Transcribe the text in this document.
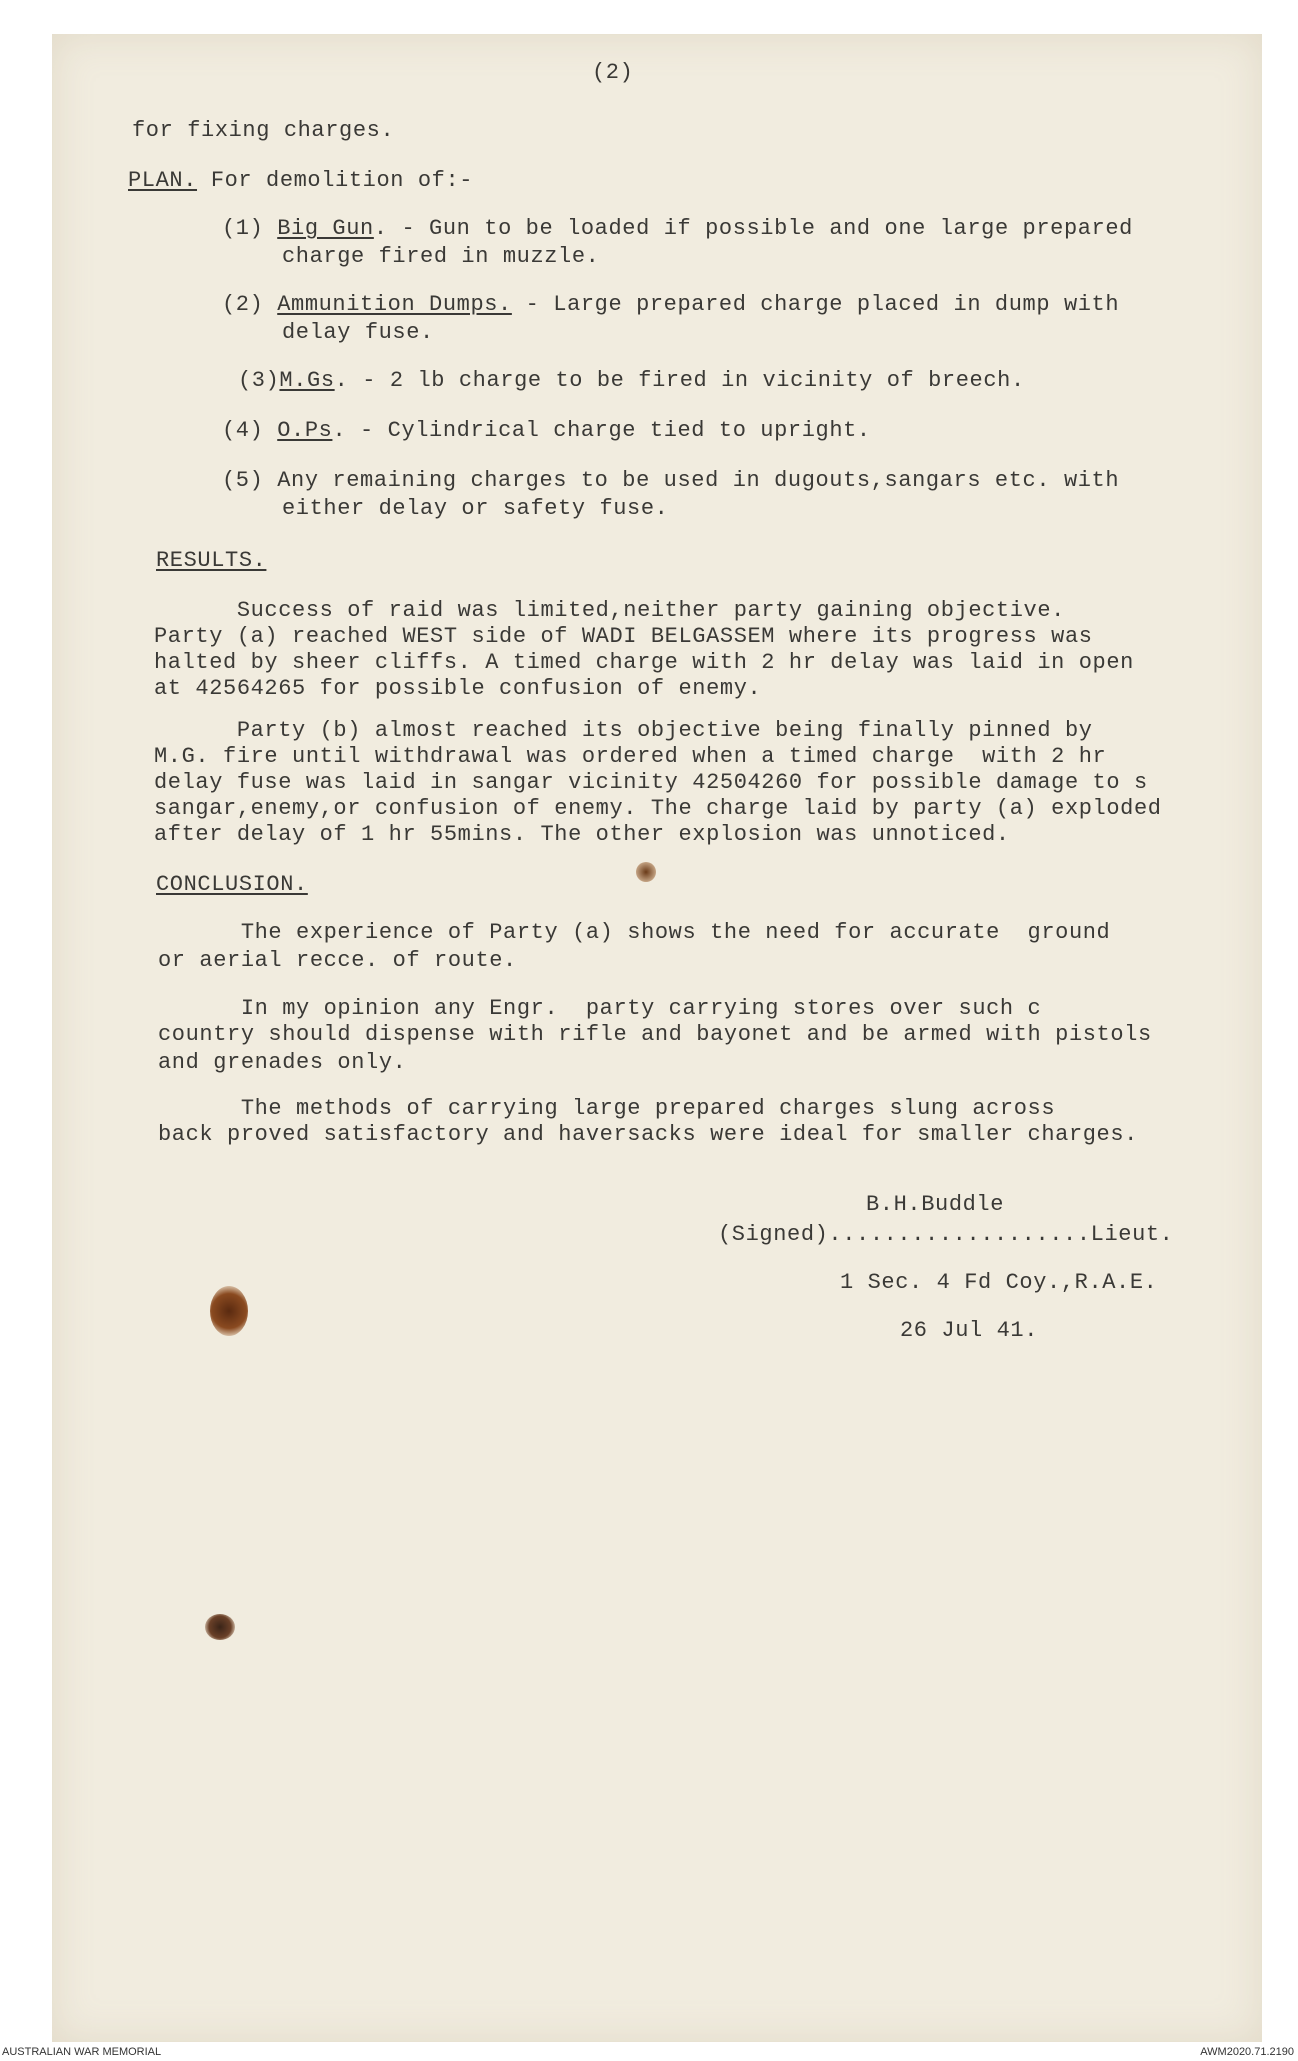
(2)
for fixing charges.
PLAN. For demolition of:-
(1) Big Gun. - Gun to be loaded if possible and one large prepared
charge fired in muzzle.
(2) Ammunition Dumps. - Large prepared charge placed in dump with
delay fuse.
(3)M.Gs. - 2 lb charge to be fired in vicinity of breech.
(4) O.Ps. - Cylindrical charge tied to upright.
(5) Any remaining charges to be used in dugouts,sangars etc. with
either delay or safety fuse.
RESULTS.
Success of raid was limited,neither party gaining objective.
Party (a) reached WEST side of WADI BELGASSEM where its progress was
halted by sheer cliffs. A timed charge with 2 hr delay was laid in open
at 42564265 for possible confusion of enemy.
Party (b) almost reached its objective being finally pinned by
M.G. fire until withdrawal was ordered when a timed charge  with 2 hr
delay fuse was laid in sangar vicinity 42504260 for possible damage to s
sangar,enemy,or confusion of enemy. The charge laid by party (a) exploded
after delay of 1 hr 55mins. The other explosion was unnoticed.
CONCLUSION.
The experience of Party (a) shows the need for accurate  ground
or aerial recce. of route.
In my opinion any Engr.  party carrying stores over such c
country should dispense with rifle and bayonet and be armed with pistols
and grenades only.
The methods of carrying large prepared charges slung across
back proved satisfactory and haversacks were ideal for smaller charges.
B.H.Buddle
(Signed)...................Lieut.
1 Sec. 4 Fd Coy.,R.A.E.
26 Jul 41.
AUSTRALIAN WAR MEMORIAL	AWM2020.71.2190
